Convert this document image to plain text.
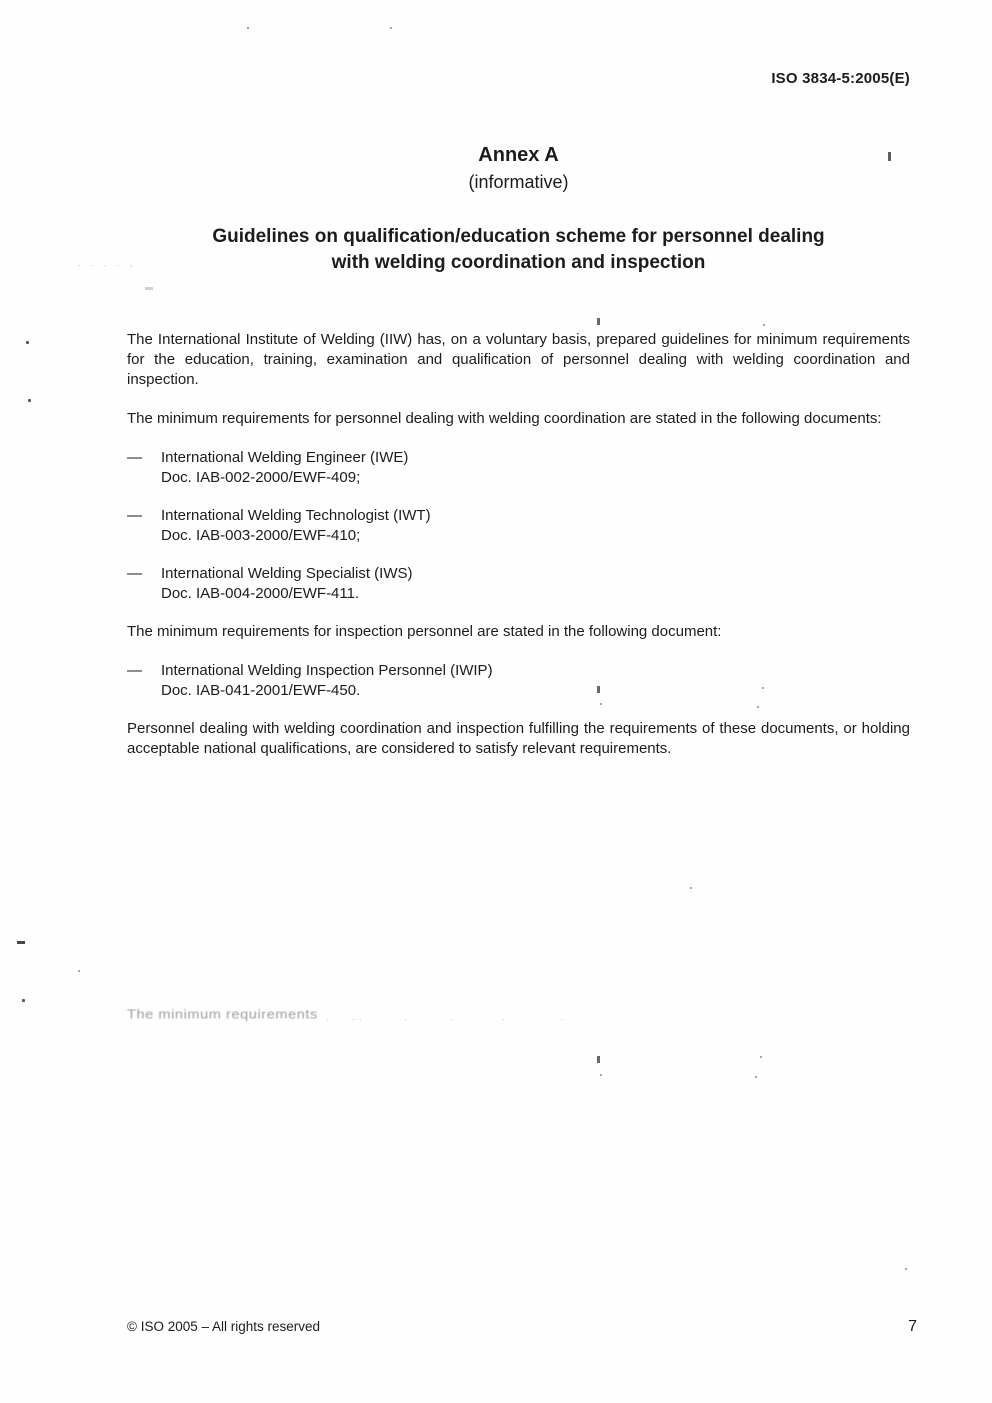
ISO 3834-5:2005(E)
Annex A
(informative)
Guidelines on qualification/education scheme for personnel dealing
with welding coordination and inspection

The International Institute of Welding (IIW) has, on a voluntary basis, prepared guidelines for minimum requirements for the education, training, examination and qualification of personnel dealing with welding coordination and inspection.

The minimum requirements for personnel dealing with welding coordination are stated in the following documents:

—	International Welding Engineer (IWE)
Doc. IAB-002-2000/EWF-409;
—	International Welding Technologist (IWT)
Doc. IAB-003-2000/EWF-410;
—	International Welding Specialist (IWS)
Doc. IAB-004-2000/EWF-411.

The minimum requirements for inspection personnel are stated in the following document:

—	International Welding Inspection Personnel (IWIP)
Doc. IAB-041-2001/EWF-450.

Personnel dealing with welding coordination and inspection fulfilling the requirements of these documents, or holding acceptable national qualifications, are considered to satisfy relevant requirements.

. . . . ,
The minimum requirements .   ..      .      .       .        .
© ISO 2005 – All rights reserved	7
